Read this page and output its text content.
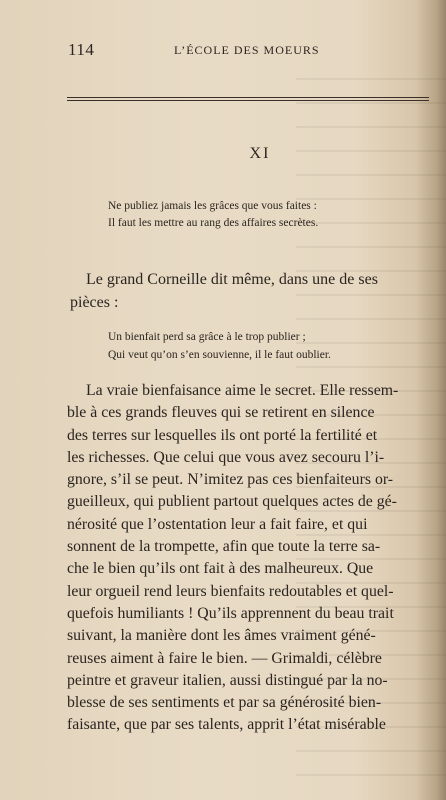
114	L’ÉCOLE DES MOEURS
XI
Ne publiez jamais les grâces que vous faites :
Il faut les mettre au rang des affaires secrètes.
Le grand Corneille dit même, dans une de ses
pièces :
Un bienfait perd sa grâce à le trop publier ;
Qui veut qu’on s’en souvienne, il le faut oublier.
La vraie bienfaisance aime le secret. Elle ressem-
ble à ces grands fleuves qui se retirent en silence
des terres sur lesquelles ils ont porté la fertilité et
les richesses. Que celui que vous avez secouru l’i-
gnore, s’il se peut. N’imitez pas ces bienfaiteurs or-
gueilleux, qui publient partout quelques actes de gé-
nérosité que l’ostentation leur a fait faire, et qui
sonnent de la trompette, afin que toute la terre sa-
che le bien qu’ils ont fait à des malheureux. Que
leur orgueil rend leurs bienfaits redoutables et quel-
quefois humiliants ! Qu’ils apprennent du beau trait
suivant, la manière dont les âmes vraiment géné-
reuses aiment à faire le bien. — Grimaldi, célèbre
peintre et graveur italien, aussi distingué par la no-
blesse de ses sentiments et par sa générosité bien-
faisante, que par ses talents, apprit l’état misérable
